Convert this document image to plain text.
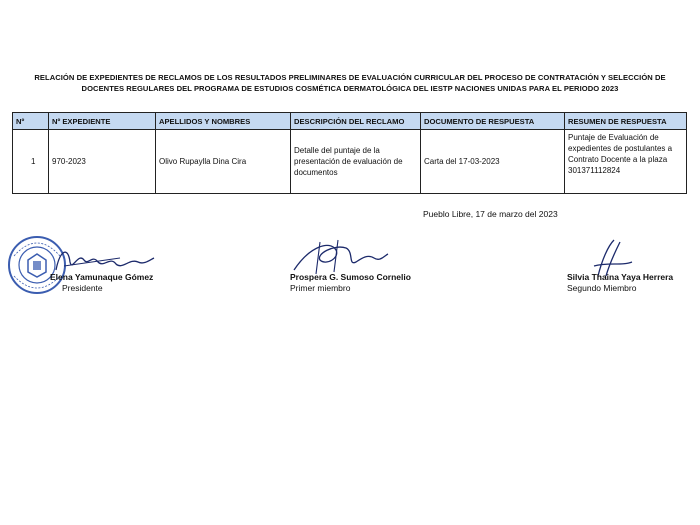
RELACIÓN DE EXPEDIENTES DE RECLAMOS DE LOS RESULTADOS PRELIMINARES DE EVALUACIÓN CURRICULAR DEL PROCESO DE CONTRATACIÓN Y SELECCIÓN DE
DOCENTES REGULARES DEL PROGRAMA DE ESTUDIOS COSMÉTICA DERMATOLÓGICA DEL IESTP NACIONES UNIDAS PARA EL PERIODO 2023
Nº	Nº EXPEDIENTE	APELLIDOS Y NOMBRES	DESCRIPCIÓN DEL RECLAMO	DOCUMENTO DE RESPUESTA	RESUMEN DE RESPUESTA
1	970-2023	Olivo Rupaylla Dina Cira	Detalle del puntaje de la presentación de evaluación de documentos	Carta del 17-03-2023	Puntaje de Evaluación de expedientes de postulantes a Contrato Docente a la plaza 301371112824
Pueblo Libre, 17 de marzo del 2023
Elena Yamunaque Gómez
Presidente
Prospera G. Sumoso Cornelio
Primer miembro
Silvia Thaina Yaya Herrera
Segundo Miembro
